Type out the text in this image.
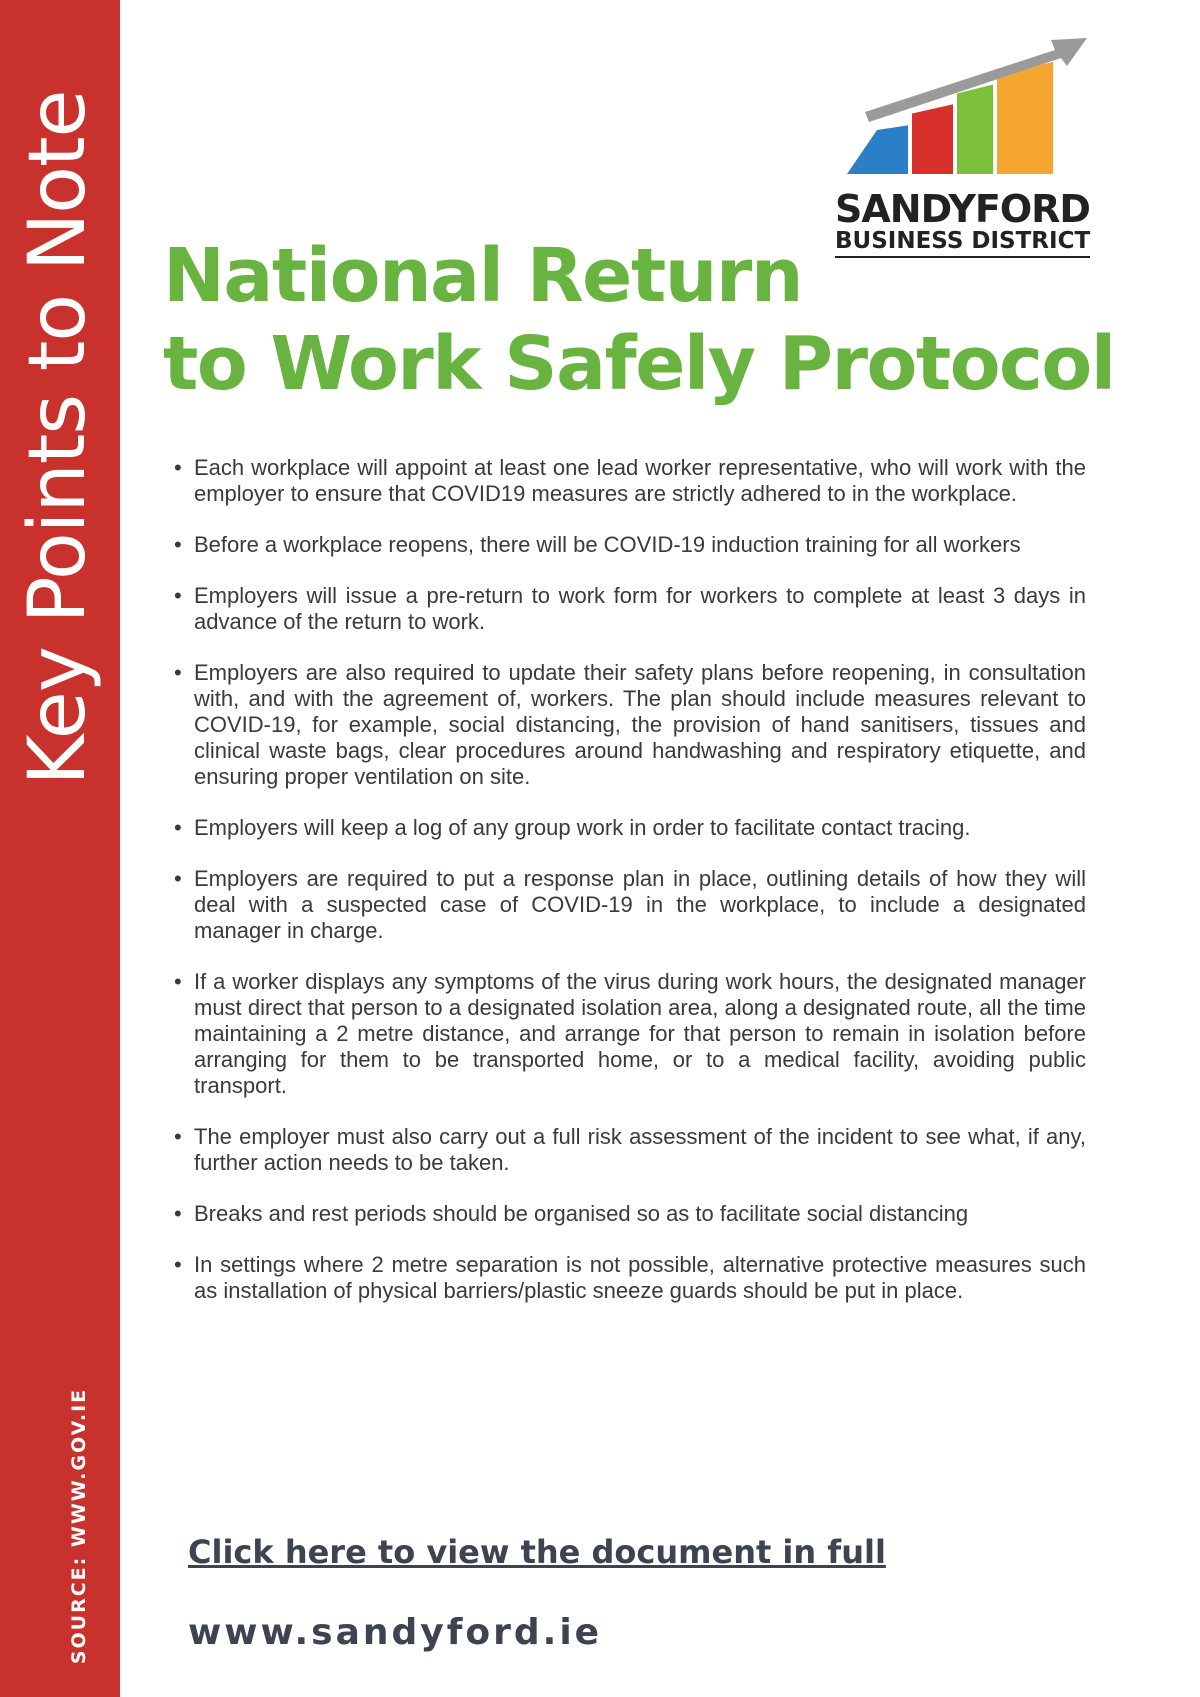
Key Points to Note
SOURCE: WWW.GOV.IE
SANDYFORD
BUSINESS DISTRICT
National Return
to Work Safely Protocol
• Each workplace will appoint at least one lead worker representative, who will work with the employer to ensure that COVID19 measures are strictly adhered to in the workplace.
• Before a workplace reopens, there will be COVID-19 induction training for all workers
• Employers will issue a pre-return to work form for workers to complete at least 3 days in advance of the return to work.
• Employers are also required to update their safety plans before reopening, in consultation with, and with the agreement of, workers. The plan should include measures relevant to COVID-19, for example, social distancing, the provision of hand sanitisers, tissues and clinical waste bags, clear procedures around handwashing and respiratory etiquette, and ensuring proper ventilation on site.
• Employers will keep a log of any group work in order to facilitate contact tracing.
• Employers are required to put a response plan in place, outlining details of how they will deal with a suspected case of COVID-19 in the workplace, to include a designated manager in charge.
• If a worker displays any symptoms of the virus during work hours, the designated manager must direct that person to a designated isolation area, along a designated route, all the time maintaining a 2 metre distance, and arrange for that person to remain in isolation before arranging for them to be transported home, or to a medical facility, avoiding public transport.
• The employer must also carry out a full risk assessment of the incident to see what, if any, further action needs to be taken.
• Breaks and rest periods should be organised so as to facilitate social distancing
• In settings where 2 metre separation is not possible, alternative protective measures such as installation of physical barriers/plastic sneeze guards should be put in place.
Click here to view the document in full
www.sandyford.ie
